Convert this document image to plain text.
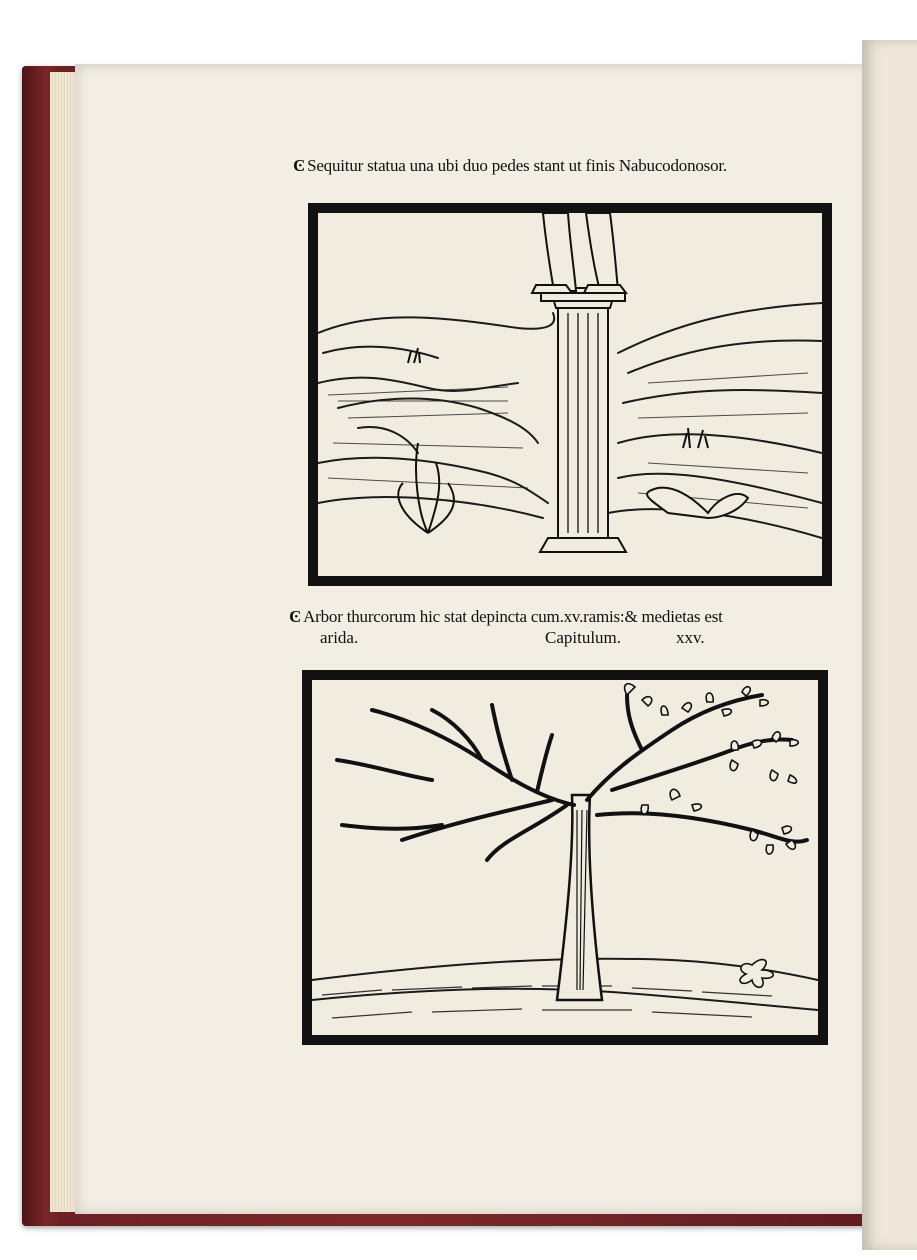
Ͼ Sequitur statua una ubi duo pedes stant ut finis Nabucodonosor.
Ͼ Arbor thurcorum hic stat depincta cum.xv.ramis:& medietas est
arida.	Capitulum.	xxv.
